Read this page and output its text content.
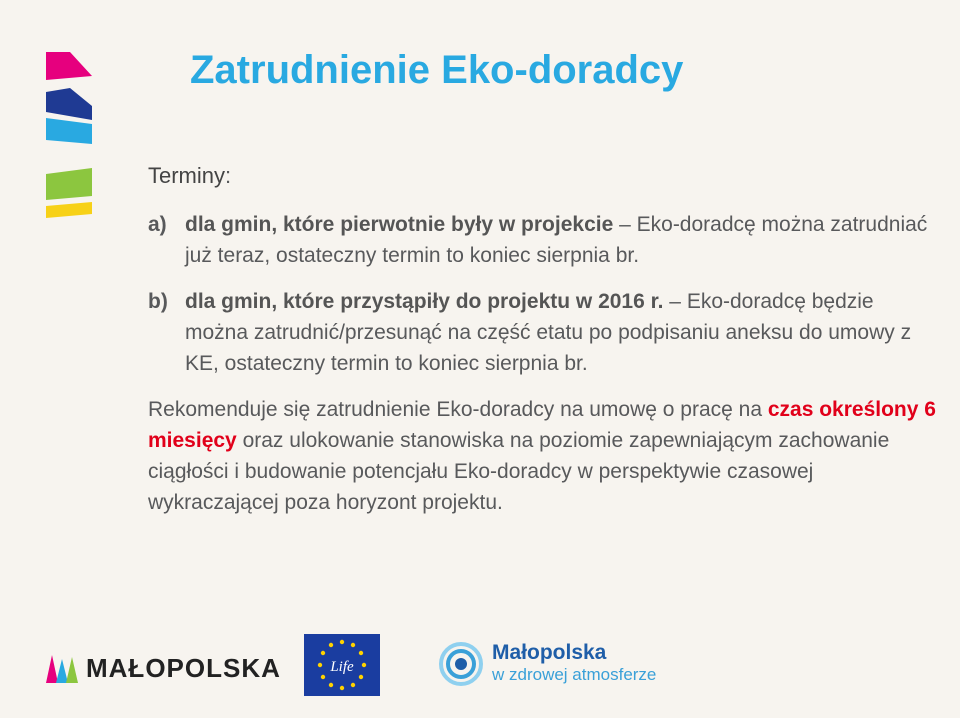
Zatrudnienie Eko-doradcy

Terminy:

a) dla gmin, które pierwotnie były w projekcie – Eko-doradcę można zatrudniać już teraz, ostateczny termin to koniec sierpnia br.
b) dla gmin, które przystąpiły do projektu w 2016 r. – Eko-doradcę będzie można zatrudnić/przesunąć na część etatu po podpisaniu aneksu do umowy z KE, ostateczny termin to koniec sierpnia br.
Rekomenduje się zatrudnienie Eko-doradcy na umowę o pracę na czas określony 6 miesięcy oraz ulokowanie stanowiska na poziomie zapewniającym zachowanie ciągłości i budowanie potencjału Eko-doradcy w perspektywie czasowej wykraczającej poza horyzont projektu.
MAŁOPOLSKA	Life
Małopolska
w zdrowej atmosferze
